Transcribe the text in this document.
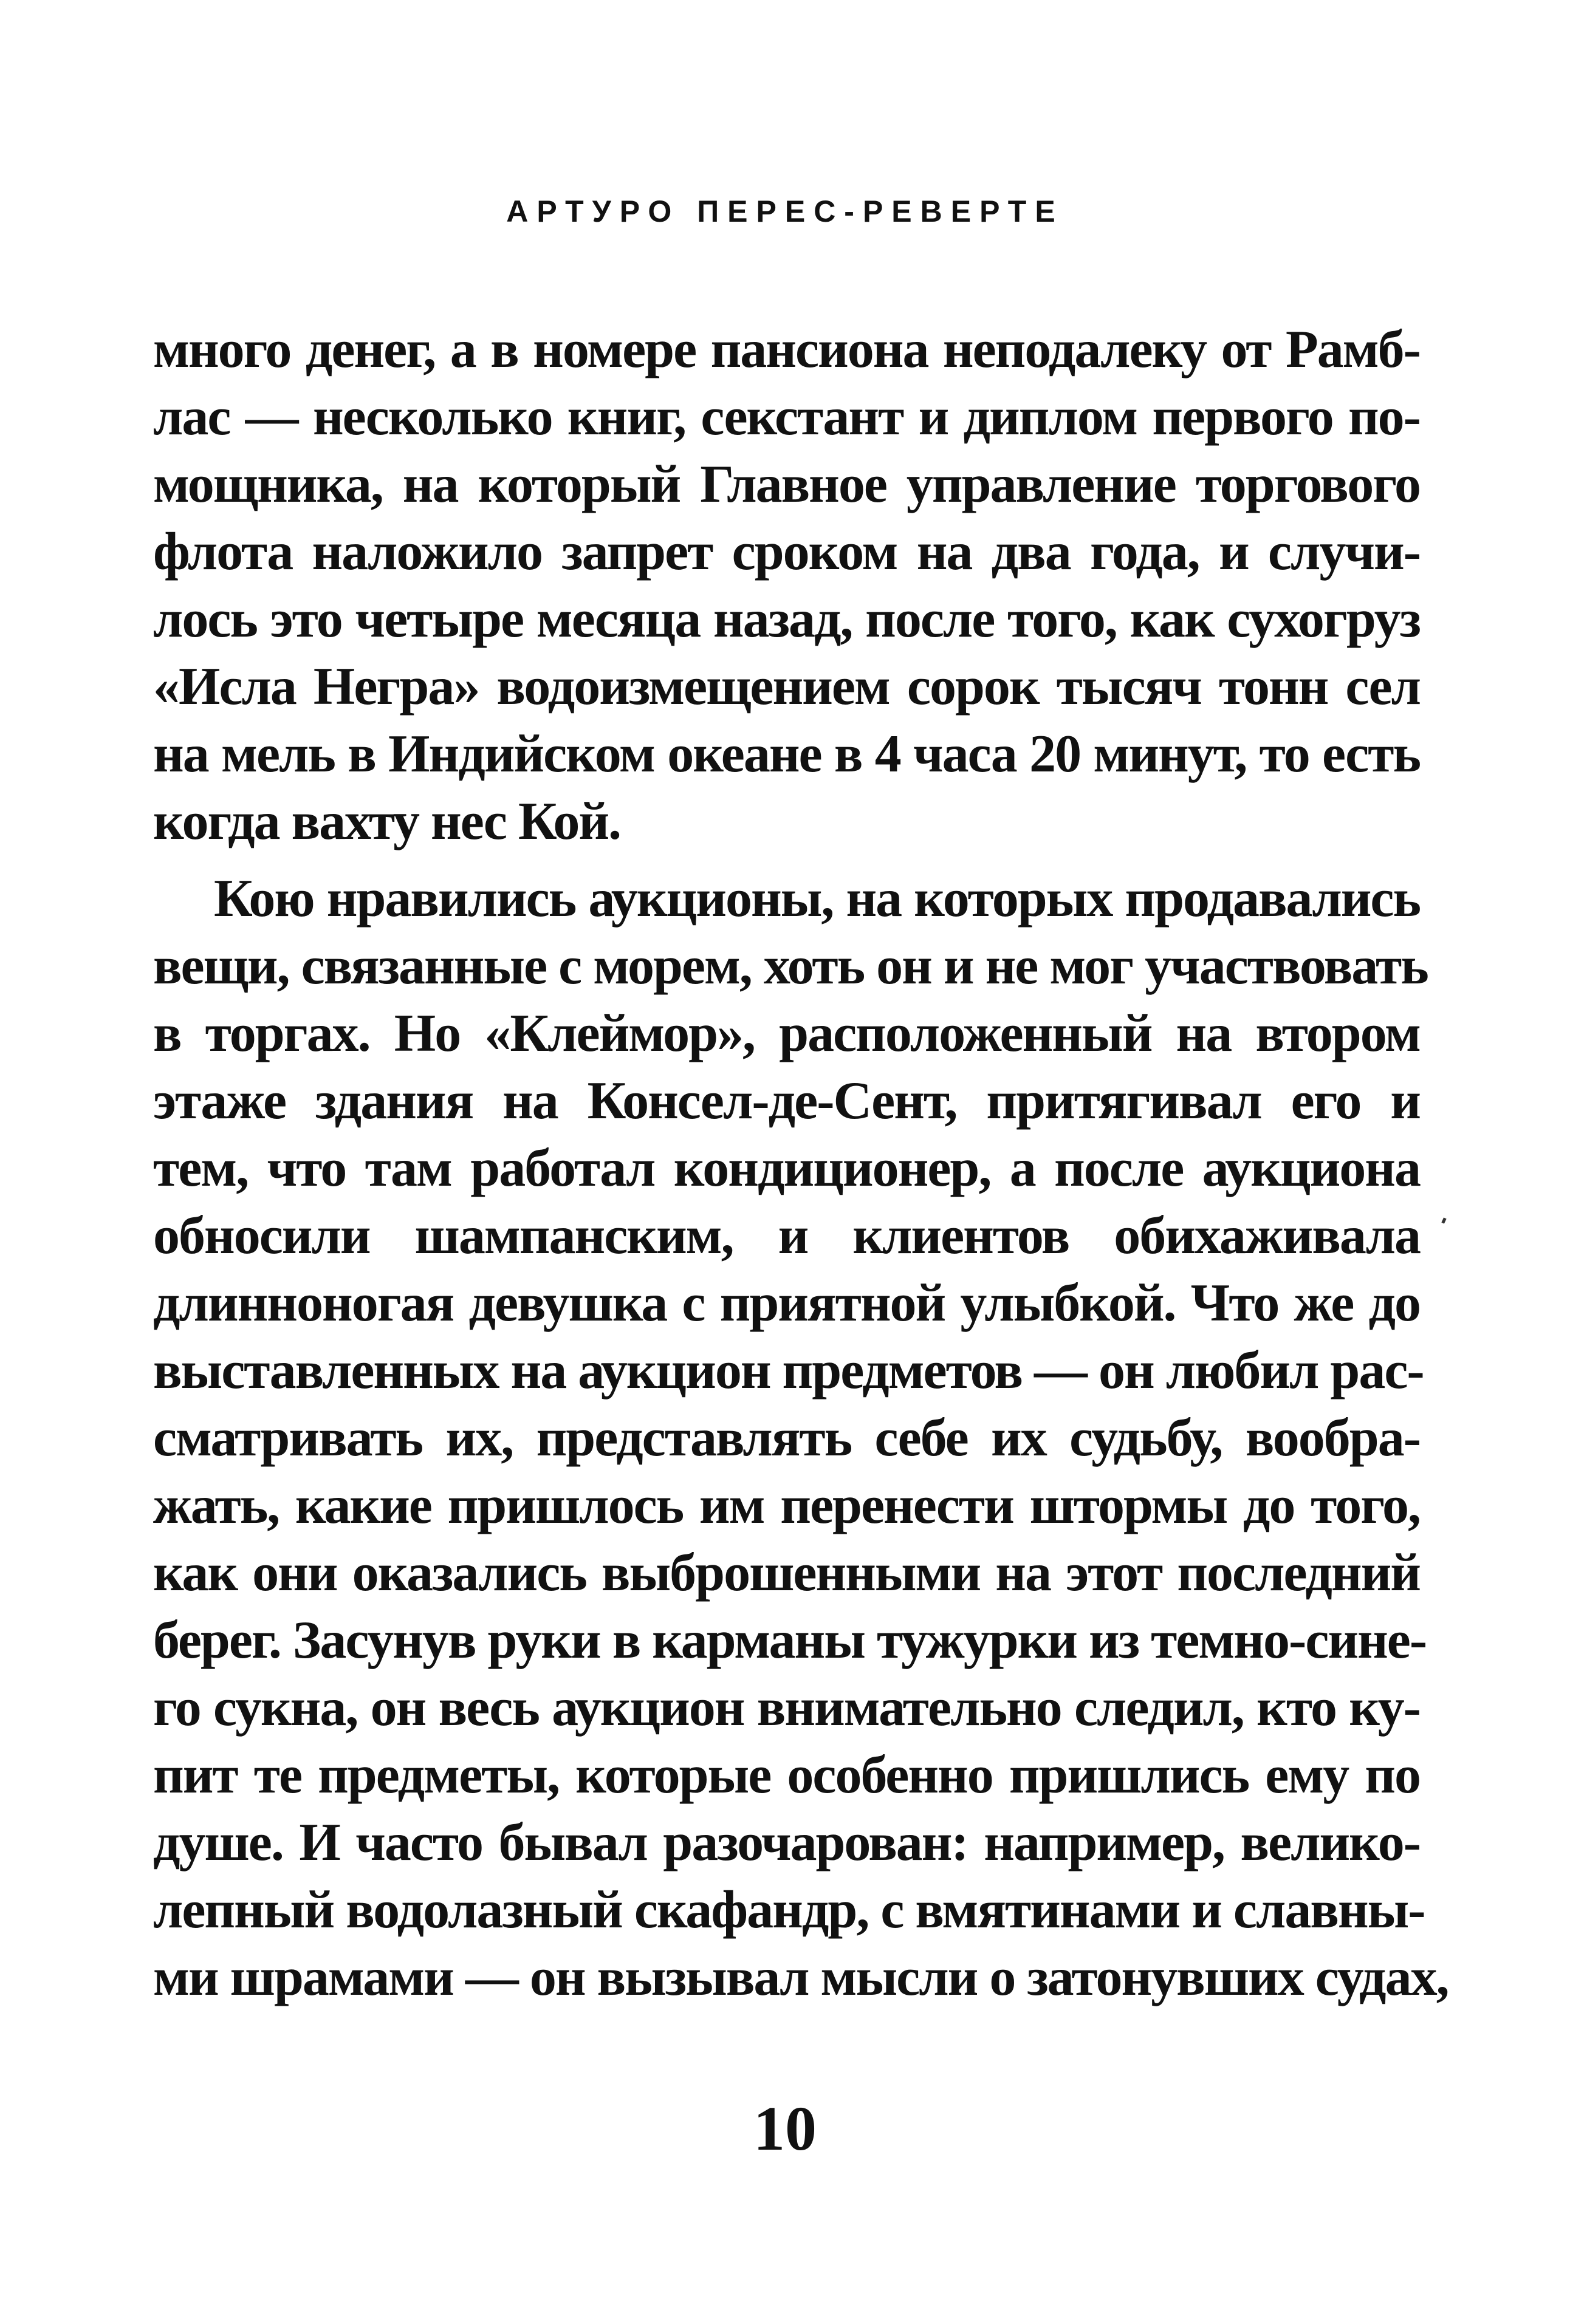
АРТУРО ПЕРЕС-РЕВЕРТЕ
много денег, а в номере пансиона неподалеку от Рамб-
лас — несколько книг, секстант и диплом первого по-
мощника, на который Главное управление торгового
флота наложило запрет сроком на два года, и случи-
лось это четыре месяца назад, после того, как сухогруз
«Исла Негра» водоизмещением сорок тысяч тонн сел
на мель в Индийском океане в 4 часа 20 минут, то есть
когда вахту нес Кой.
Кою нравились аукционы, на которых продавались
вещи, связанные с морем, хоть он и не мог участвовать
в торгах. Но «Клеймор», расположенный на втором
этаже здания на Консел-де-Сент, притягивал его и
тем, что там работал кондиционер, а после аукциона
обносили шампанским, и клиентов обихаживала
длинноногая девушка с приятной улыбкой. Что же до
выставленных на аукцион предметов — он любил рас-
сматривать их, представлять себе их судьбу, вообра-
жать, какие пришлось им перенести штормы до того,
как они оказались выброшенными на этот последний
берег. Засунув руки в карманы тужурки из темно-сине-
го сукна, он весь аукцион внимательно следил, кто ку-
пит те предметы, которые особенно пришлись ему по
душе. И часто бывал разочарован: например, велико-
лепный водолазный скафандр, с вмятинами и славны-
ми шрамами — он вызывал мысли о затонувших судах,
10
